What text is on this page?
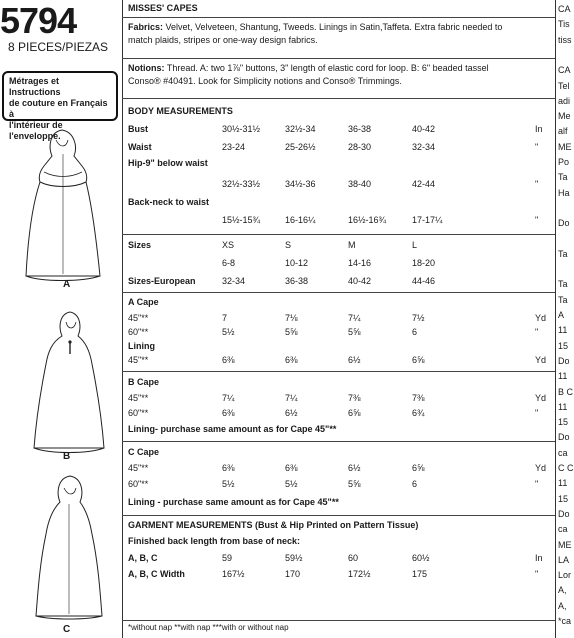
5794
8 PIECES/PIEZAS
Métrages et Instructions
de couture en Français à
l'intérieur de
l'enveloppe.
A
B
C
MISSES' CAPES
Fabrics: Velvet, Velveteen, Shantung, Tweeds. Linings in Satin,Taffeta. Extra fabric needed to
match plaids, stripes or one-way design fabrics.
Notions: Thread. A: two 1⅞" buttons, 3" length of elastic cord for loop. B: 6" beaded tassel
Conso® #40491. Look for Simplicity notions and Conso® Trimmings.
BODY MEASUREMENTS
Bust	30½-31½	32½-34	36-38	40-42	In
Waist	23-24	25-26½	28-30	32-34	"
Hip-9" below waist
32½-33½	34½-36	38-40	42-44	"
Back-neck to waist
15½-15¾	16-16¼	16½-16¾	17-17¼	"
Sizes	XS	S	M	L
6-8	10-12	14-16	18-20
Sizes-European	32-34	36-38	40-42	44-46
A Cape
45"**	7	7⅛	7¼	7½	Yd
60"**	5½	5⅝	5⅝	6	"
Lining
45"**	6⅜	6⅜	6½	6⅝	Yd
B Cape
45"**	7¼	7¼	7⅜	7⅜	Yd
60"**	6⅜	6½	6⅝	6¾	"
Lining- purchase same amount as for Cape 45"**
C Cape
45"**	6⅜	6⅜	6½	6⅝	Yd
60"**	5½	5½	5⅝	6	"
Lining - purchase same amount as for Cape 45"**
GARMENT MEASUREMENTS (Bust & Hip Printed on Pattern Tissue)
Finished back length from base of neck:
A, B, C	59	59½	60	60½	In
A, B, C Width	167½	170	172½	175	"
*without nap **with nap ***with or without nap
CA
Tis
tiss
CA
Tel
adi
Me
alf
ME
Po
Ta
Ha
Do
Ta
Ta
Ta
A
11
15
Do
11
B C
11
15
Do
ca
C C
11
15
Do
ca
ME
LA
Lor
A,
A,
*ca
